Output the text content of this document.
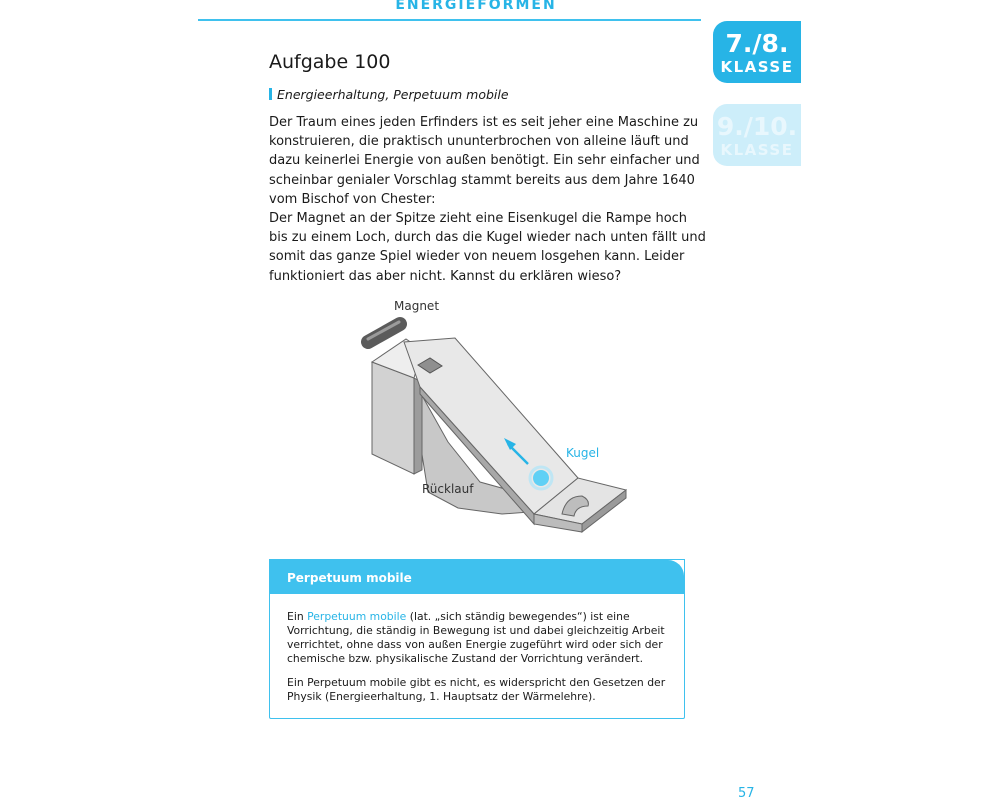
ENERGIEFORMEN
7./8.
KLASSE
9./10.
KLASSE
Aufgabe 100
Energieerhaltung, Perpetuum mobile

Der Traum eines jeden Erfinders ist es seit jeher eine Maschine zu konstruieren, die praktisch ununterbrochen von alleine läuft und dazu keinerlei Energie von außen benötigt. Ein sehr einfacher und scheinbar genialer Vorschlag stammt bereits aus dem Jahre 1640 vom Bischof von Chester:

Der Magnet an der Spitze zieht eine Eisenkugel die Rampe hoch bis zu einem Loch, durch das die Kugel wieder nach unten fällt und somit das ganze Spiel wieder von neuem losgehen kann. Leider funktioniert das aber nicht. Kannst du erklären wieso?

Magnet
Kugel
Rücklauf
Perpetuum mobile

Ein Perpetuum mobile (lat. „sich ständig bewegendes“) ist eine Vorrichtung, die ständig in Bewegung ist und dabei gleichzeitig Arbeit verrichtet, ohne dass von außen Energie zugeführt wird oder sich der chemische bzw. physikalische Zustand der Vorrichtung verändert.

Ein Perpetuum mobile gibt es nicht, es widerspricht den Gesetzen der Physik (Energieerhaltung, 1. Hauptsatz der Wärmelehre).

57
